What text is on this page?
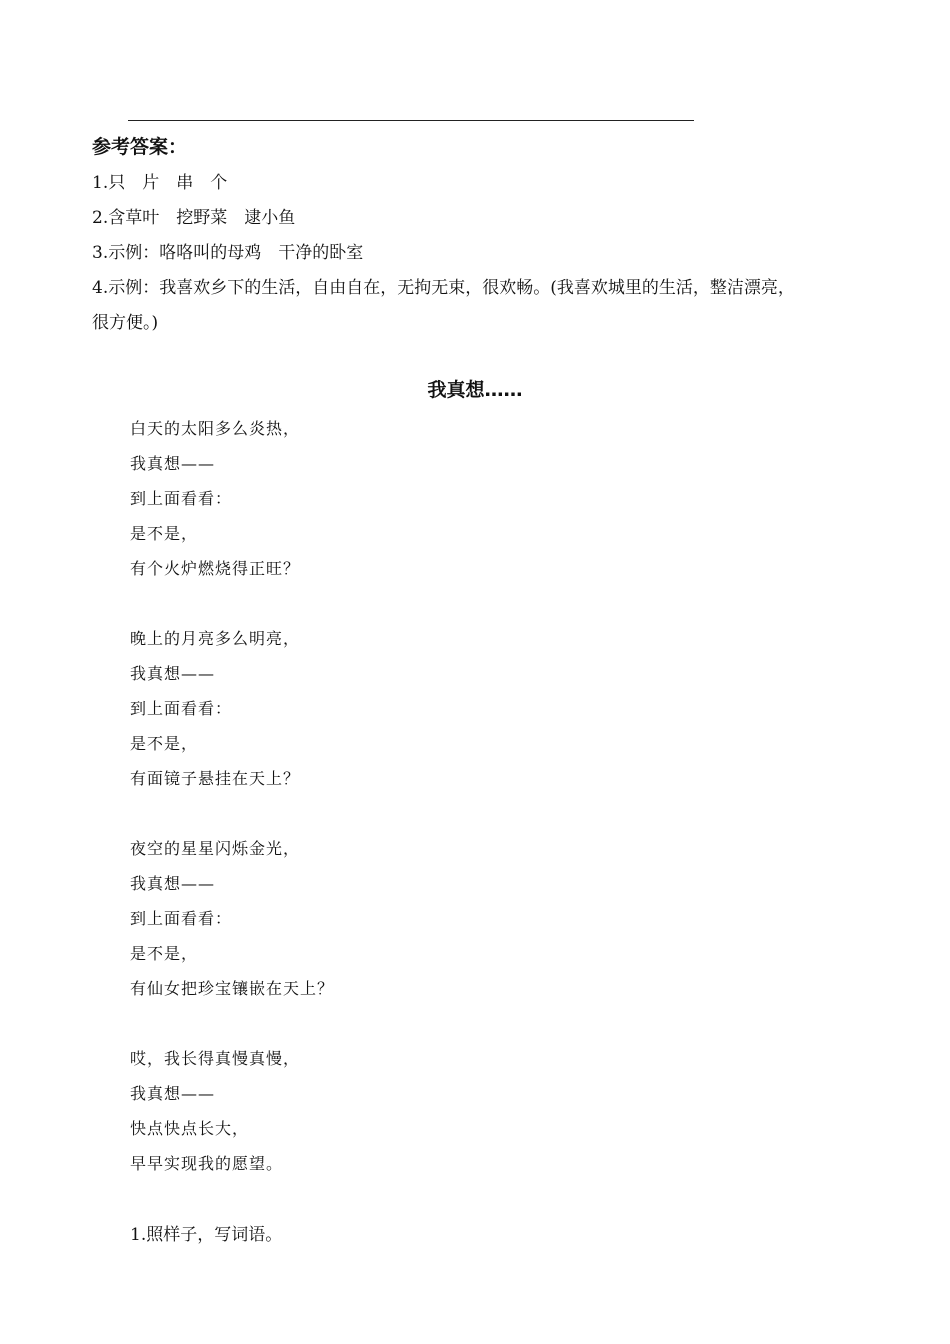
参考答案：

1.只　片　串　个

2.含草叶　挖野菜　逮小鱼

3.示例：咯咯叫的母鸡　干净的卧室

4.示例：我喜欢乡下的生活，自由自在，无拘无束，很欢畅。(我喜欢城里的生活，整洁漂亮，

很方便。)

我真想……

白天的太阳多么炎热，

我真想——

到上面看看：

是不是，

有个火炉燃烧得正旺？

晚上的月亮多么明亮，

我真想——

到上面看看：

是不是，

有面镜子悬挂在天上？

夜空的星星闪烁金光，

我真想——

到上面看看：

是不是，

有仙女把珍宝镶嵌在天上？

哎，我长得真慢真慢，

我真想——

快点快点长大，

早早实现我的愿望。

1.照样子，写词语。
